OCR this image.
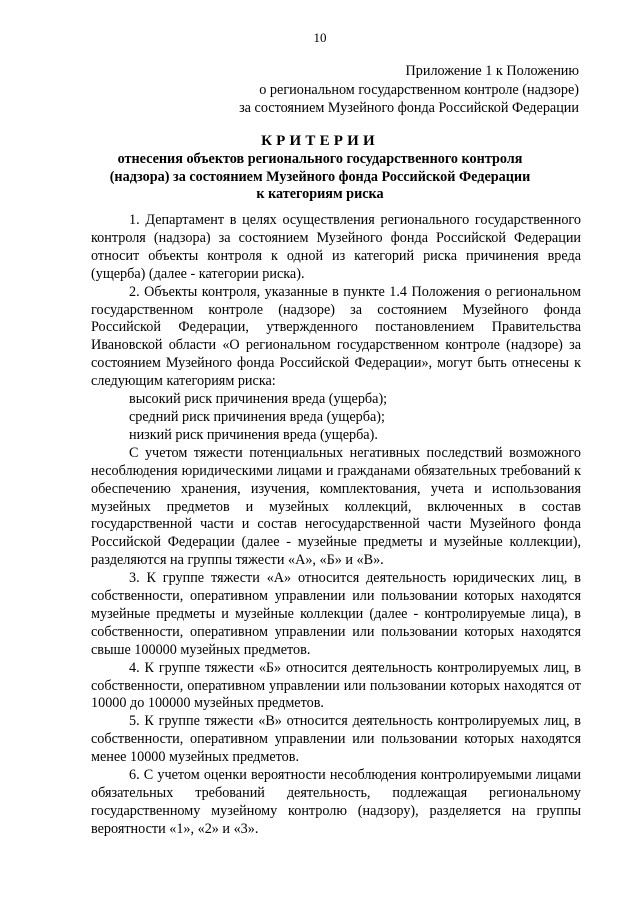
10
Приложение 1 к Положению
о региональном государственном контроле (надзоре)
за состоянием Музейного фонда Российской Федерации
КРИТЕРИИ
отнесения объектов регионального государственного контроля
(надзора) за состоянием Музейного фонда Российской Федерации
к категориям риска

1. Департамент в целях осуществления регионального государственного контроля (надзора) за состоянием Музейного фонда Российской Федерации относит объекты контроля к одной из категорий риска причинения вреда (ущерба) (далее - категории риска).

2. Объекты контроля, указанные в пункте 1.4 Положения о региональном государственном контроле (надзоре) за состоянием Музейного фонда Российской Федерации, утвержденного постановлением Правительства Ивановской области «О региональном государственном контроле (надзоре) за состоянием Музейного фонда Российской Федерации», могут быть отнесены к следующим категориям риска:

высокий риск причинения вреда (ущерба);

средний риск причинения вреда (ущерба);

низкий риск причинения вреда (ущерба).

С учетом тяжести потенциальных негативных последствий возможного несоблюдения юридическими лицами и гражданами обязательных требований к обеспечению хранения, изучения, комплектования, учета и использования музейных предметов и музейных коллекций, включенных в состав государственной части и состав негосударственной части Музейного фонда Российской Федерации (далее - музейные предметы и музейные коллекции), разделяются на группы тяжести «А», «Б» и «В».

3. К группе тяжести «А» относится деятельность юридических лиц, в собственности, оперативном управлении или пользовании которых находятся музейные предметы и музейные коллекции (далее - контролируемые лица), в собственности, оперативном управлении или пользовании которых находятся свыше 100000 музейных предметов.

4. К группе тяжести «Б» относится деятельность контролируемых лиц, в собственности, оперативном управлении или пользовании которых находятся от 10000 до 100000 музейных предметов.

5. К группе тяжести «В» относится деятельность контролируемых лиц, в собственности, оперативном управлении или пользовании которых находятся менее 10000 музейных предметов.

6. С учетом оценки вероятности несоблюдения контролируемыми лицами обязательных требований деятельность, подлежащая региональному государственному музейному контролю (надзору), разделяется на группы вероятности «1», «2» и «3».
